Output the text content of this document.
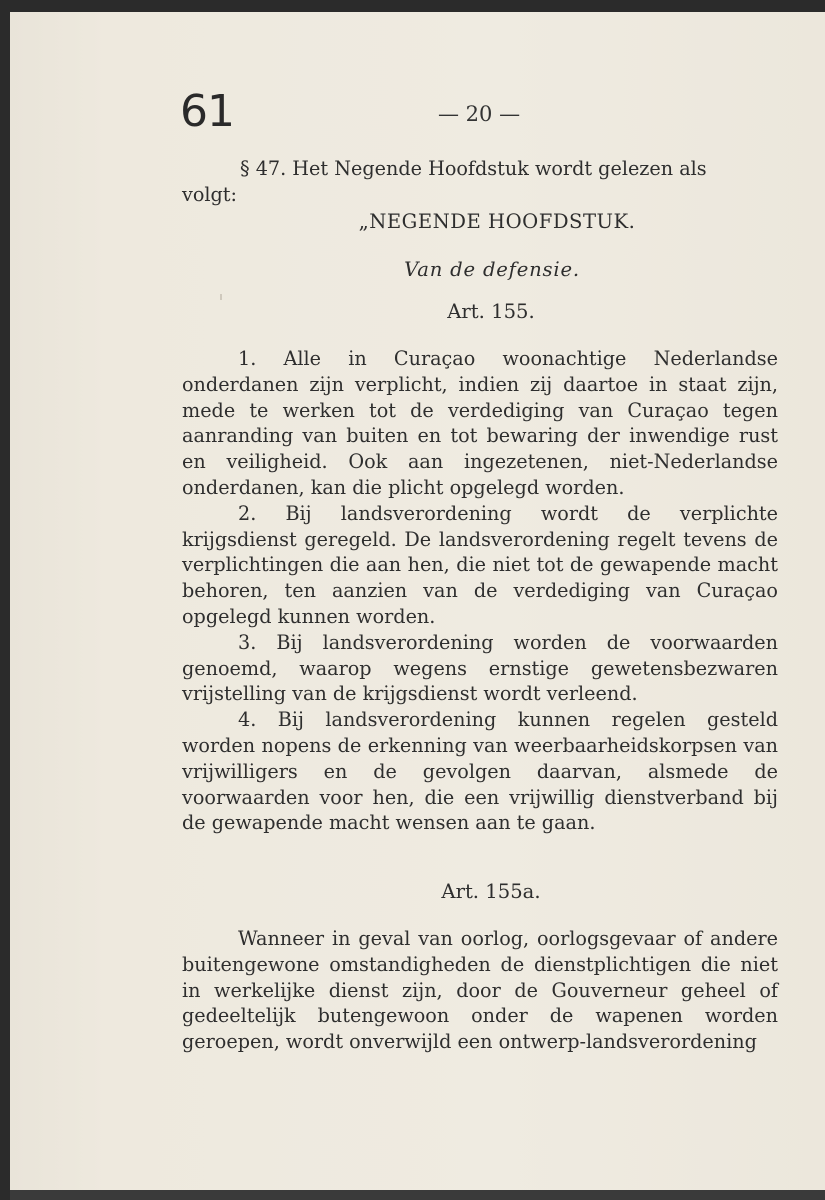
61	— 20 —
§ 47. Het Negende Hoofdstuk wordt gelezen als
volgt:
„NEGENDE HOOFDSTUK.
Van de defensie.
Art. 155.

1. Alle in Curaçao woonachtige Nederlandse onderdanen zijn verplicht, indien zij daartoe in staat zijn, mede te werken tot de verdediging van Curaçao tegen aanranding van buiten en tot bewaring der inwendige rust en veiligheid. Ook aan ingezetenen, niet-Nederlandse onderdanen, kan die plicht opgelegd worden.

2. Bij landsverordening wordt de verplichte krijgsdienst geregeld. De landsverordening regelt tevens de verplichtingen die aan hen, die niet tot de gewapende macht behoren, ten aanzien van de verdediging van Curaçao opgelegd kunnen worden.

3. Bij landsverordening worden de voorwaarden genoemd, waarop wegens ernstige gewetensbezwaren vrijstelling van de krijgsdienst wordt verleend.

4. Bij landsverordening kunnen regelen gesteld worden nopens de erkenning van weerbaarheidskorpsen van vrijwilligers en de gevolgen daarvan, alsmede de voorwaarden voor hen, die een vrijwillig dienstverband bij de gewapende macht wensen aan te gaan.

Art. 155a.

Wanneer in geval van oorlog, oorlogsgevaar of andere buitengewone omstandigheden de dienstplichtigen die niet in werkelijke dienst zijn, door de Gouverneur geheel of gedeeltelijk butengewoon onder de wapenen worden geroepen, wordt onverwijld een ontwerp-landsverordening
